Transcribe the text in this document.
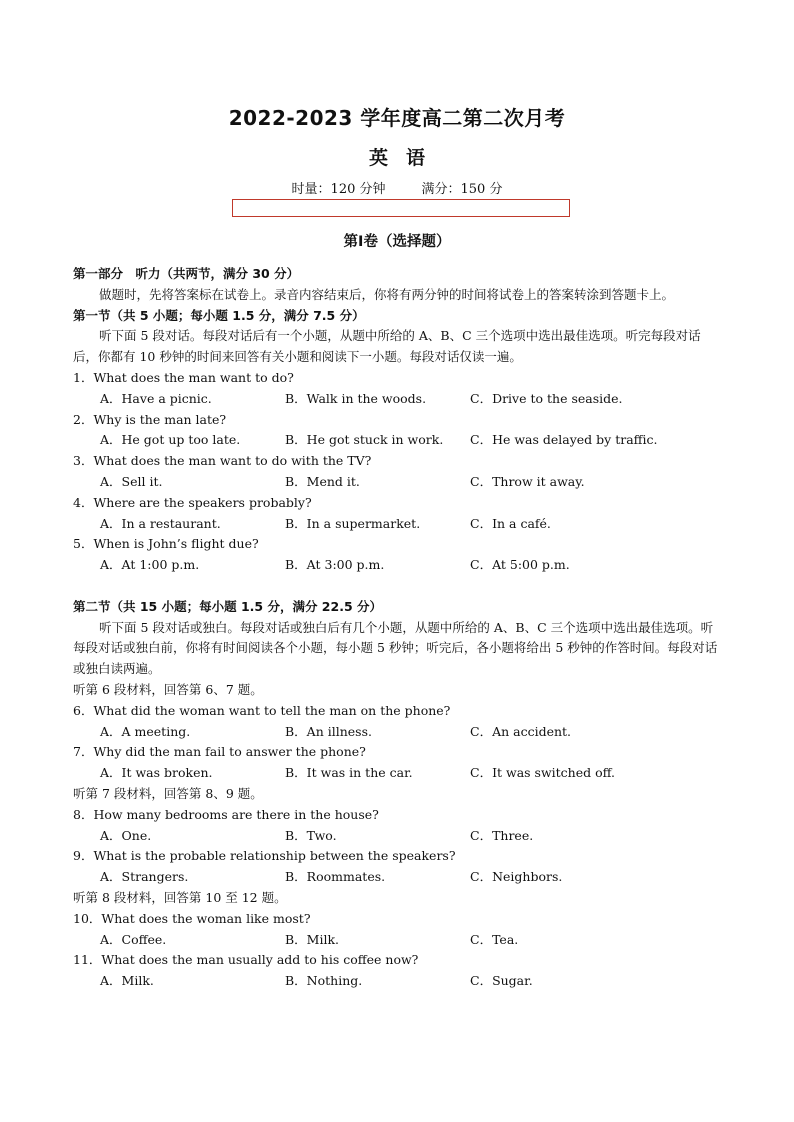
2022-2023 学年度高二第二次月考
英语
时量：120 分钟	满分：150 分
第Ⅰ卷（选择题）
第一部分　听力（共两节，满分 30 分）
做题时，先将答案标在试卷上。录音内容结束后，你将有两分钟的时间将试卷上的答案转涂到答题卡上。
第一节（共 5 小题；每小题 1.5 分，满分 7.5 分）
听下面 5 段对话。每段对话后有一个小题，从题中所给的 A、B、C 三个选项中选出最佳选项。听完每段对话后，你都有 10 秒钟的时间来回答有关小题和阅读下一小题。每段对话仅读一遍。
1．What does the man want to do?
A．Have a picnic.	B．Walk in the woods.	C．Drive to the seaside.
2．Why is the man late?
A．He got up too late.	B．He got stuck in work.	C．He was delayed by traffic.
3．What does the man want to do with the TV?
A．Sell it.	B．Mend it.	C．Throw it away.
4．Where are the speakers probably?
A．In a restaurant.	B．In a supermarket.	C．In a café.
5．When is John’s flight due?
A．At 1:00 p.m.	B．At 3:00 p.m.	C．At 5:00 p.m.
第二节（共 15 小题；每小题 1.5 分，满分 22.5 分）
听下面 5 段对话或独白。每段对话或独白后有几个小题，从题中所给的 A、B、C 三个选项中选出最佳选项。听每段对话或独白前，你将有时间阅读各个小题，每小题 5 秒钟；听完后，各小题将给出 5 秒钟的作答时间。每段对话或独白读两遍。
听第 6 段材料，回答第 6、7 题。
6．What did the woman want to tell the man on the phone?
A．A meeting.	B．An illness.	C．An accident.
7．Why did the man fail to answer the phone?
A．It was broken.	B．It was in the car.	C．It was switched off.
听第 7 段材料，回答第 8、9 题。
8．How many bedrooms are there in the house?
A．One.	B．Two.	C．Three.
9．What is the probable relationship between the speakers?
A．Strangers.	B．Roommates.	C．Neighbors.
听第 8 段材料，回答第 10 至 12 题。
10．What does the woman like most?
A．Coffee.	B．Milk.	C．Tea.
11．What does the man usually add to his coffee now?
A．Milk.	B．Nothing.	C．Sugar.
